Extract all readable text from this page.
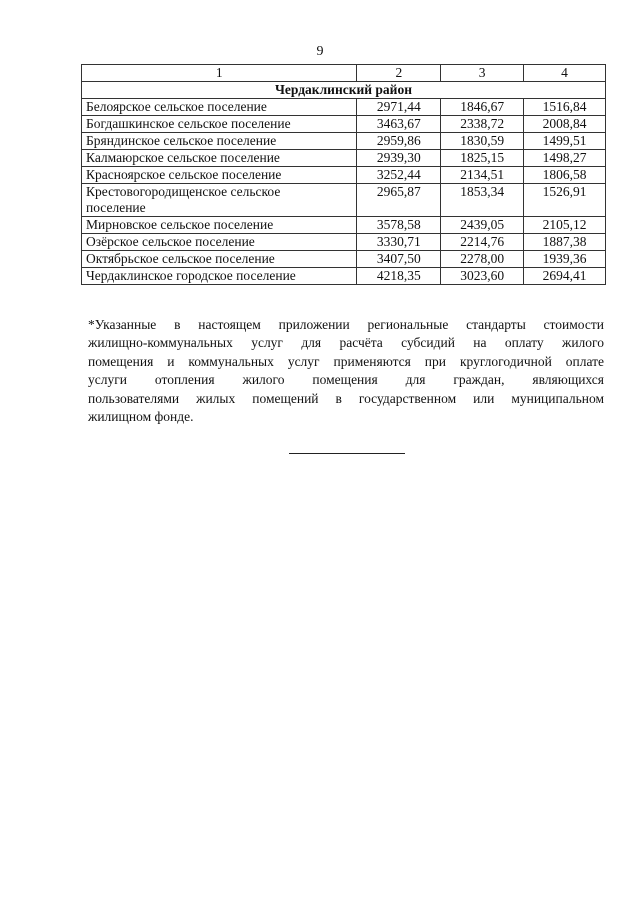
9
1	2	3	4
Чердаклинский район			
Белоярское сельское поселение	2971,44	1846,67	1516,84
Богдашкинское сельское поселение	3463,67	2338,72	2008,84
Бряндинское сельское поселение	2959,86	1830,59	1499,51
Калмаюрское сельское поселение	2939,30	1825,15	1498,27
Красноярское сельское поселение	3252,44	2134,51	1806,58

Крестовогородищенское сельское
поселение	2965,87	1853,34	1526,91
Мирновское сельское поселение	3578,58	2439,05	2105,12
Озёрское сельское поселение	3330,71	2214,76	1887,38
Октябрьское сельское поселение	3407,50	2278,00	1939,36
Чердаклинское городское поселение	4218,35	3023,60	2694,41
*Указанные в настоящем приложении региональные стандарты стоимости
жилищно-коммунальных услуг для расчёта субсидий на оплату жилого
помещения и коммунальных услуг применяются при круглогодичной оплате
услуги отопления жилого помещения для граждан, являющихся
пользователями жилых помещений в государственном или муниципальном
жилищном фонде.
